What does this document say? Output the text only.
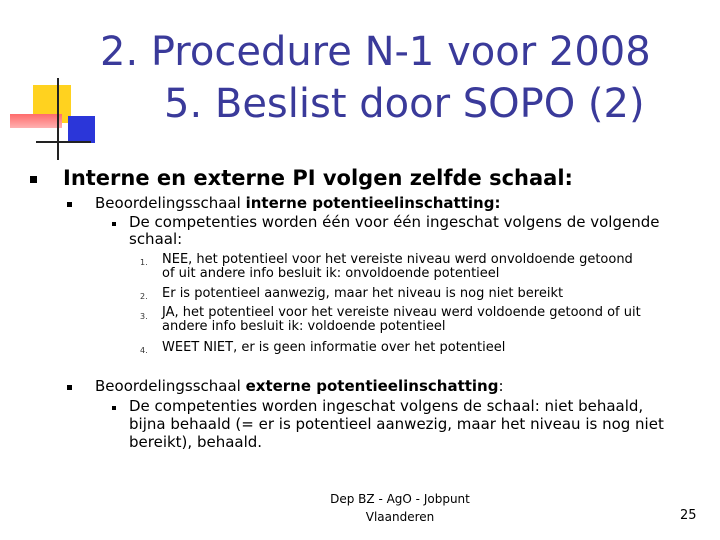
2. Procedure N-1 voor 2008
5. Beslist door SOPO (2)
Interne en externe PI volgen zelfde schaal:
Beoordelingsschaal interne potentieelinschatting:
De competenties worden één voor één ingeschat volgens de volgende
schaal:
1. NEE, het potentieel voor het vereiste niveau werd onvoldoende getoond
of uit andere info besluit ik: onvoldoende potentieel
2. Er is potentieel aanwezig, maar het niveau is nog niet bereikt
3. JA, het potentieel voor het vereiste niveau werd voldoende getoond of uit
andere info besluit ik: voldoende potentieel
4. WEET NIET, er is geen informatie over het potentieel
Beoordelingsschaal externe potentieelinschatting:
De competenties worden ingeschat volgens de schaal: niet behaald,
bijna behaald (= er is potentieel aanwezig, maar het niveau is nog niet
bereikt), behaald.
Dep BZ - AgO - Jobpunt
Vlaanderen	25
